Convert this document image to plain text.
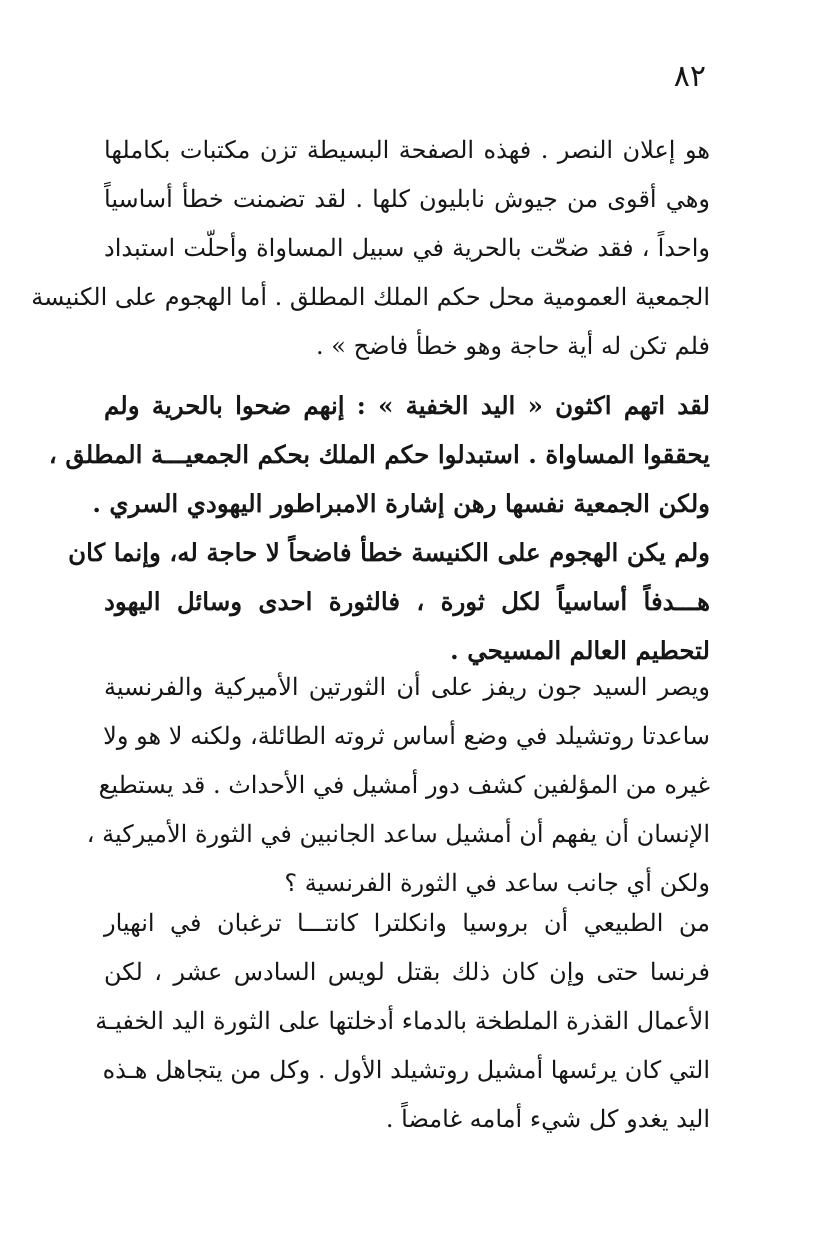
٨٢
هو إعلان النصر . فهذه الصفحة البسيطة تزن مكتبات بكاملها
وهي أقوى من جيوش نابليون كلها . لقد تضمنت خطأ أساسياً
واحداً ، فقد ضحّت بالحرية في سبيل المساواة وأحلّت استبداد
الجمعية العمومية محل حكم الملك المطلق . أما الهجوم على الكنيسة
فلم تكن له أية حاجة وهو خطأ فاضح » .
لقد اتهم اكثون « اليد الخفية » : إنهم ضحوا بالحرية ولم
يحققوا المساواة . استبدلوا حكم الملك بحكم الجمعيـــة المطلق ،
ولكن الجمعية نفسها رهن إشارة الامبراطور اليهودي السري .
ولم يكن الهجوم على الكنيسة خطأ فاضحاً لا حاجة له، وإنما كان
هـــدفاً أساسياً لكل ثورة ، فالثورة احدى وسائل اليهود
لتحطيم العالم المسيحي .
ويصر السيد جون ريفز على أن الثورتين الأميركية والفرنسية
ساعدتا روتشيلد في وضع أساس ثروته الطائلة، ولكنه لا هو ولا
غيره من المؤلفين كشف دور أمشيل في الأحداث . قد يستطيع
الإنسان أن يفهم أن أمشيل ساعد الجانبين في الثورة الأميركية ،
ولكن أي جانب ساعد في الثورة الفرنسية ؟
من الطبيعي أن بروسيا وانكلترا كانتـــا ترغبان في انهيار
فرنسا حتى وإن كان ذلك بقتل لويس السادس عشر ، لكن
الأعمال القذرة الملطخة بالدماء أدخلتها على الثورة اليد الخفيـة
التي كان يرئسها أمشيل روتشيلد الأول . وكل من يتجاهل هـذه
اليد يغدو كل شيء أمامه غامضاً .
